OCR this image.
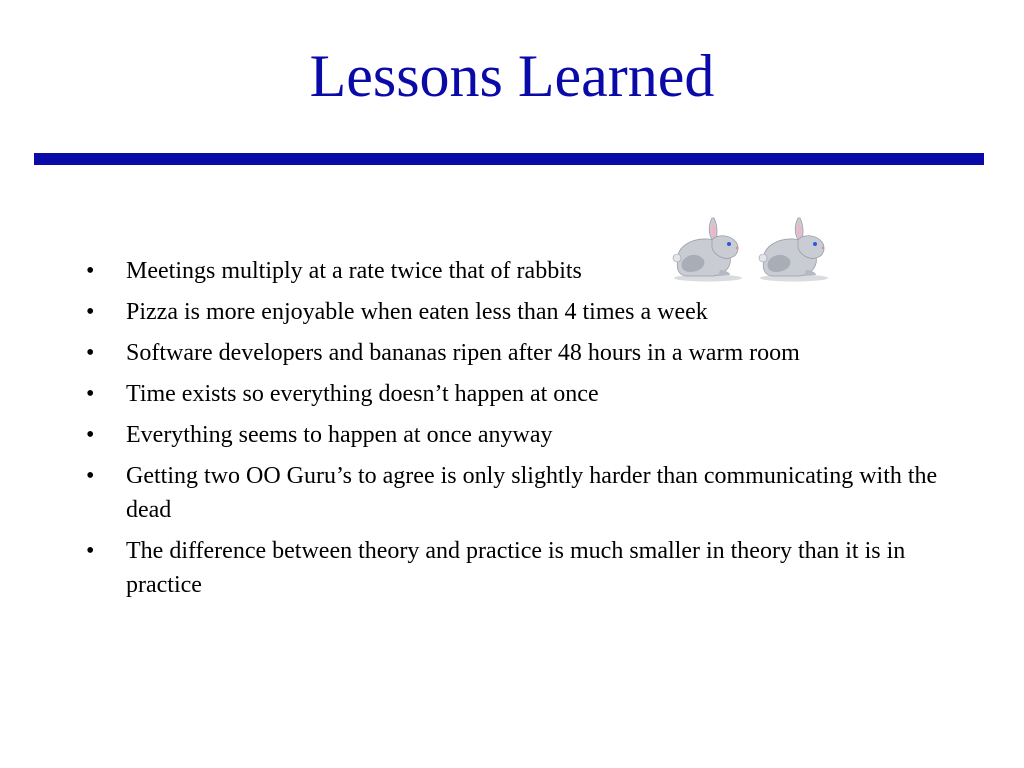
Lessons Learned
•	Meetings multiply at a rate twice that of rabbits
•	Pizza is more enjoyable when eaten less than 4 times a week
•	Software developers and bananas ripen after 48 hours in a warm room
•	Time exists so everything doesn’t happen at once
•	Everything seems to happen at once anyway
•	Getting two OO Guru’s to agree is only slightly harder than communicating with the dead
•	The difference between theory and practice is much smaller in theory than it is in practice
